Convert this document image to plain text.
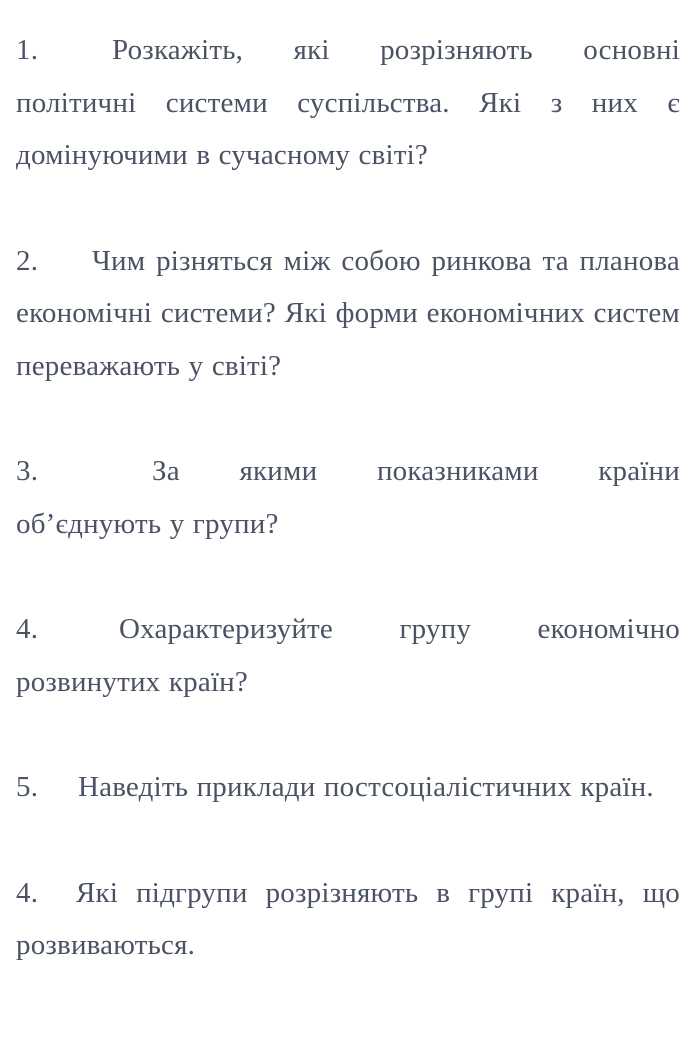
1.	Розкажіть, які розрізняють основні політичні системи суспільства. Які з них є домінуючими в сучасному світі?

2. Чим різняться між собою ринкова та планова економічні системи? Які форми економічних систем переважають у світі?

3.	За якими показниками країни об’єднують у групи?

4.	Охарактеризуйте групу економічно розвинутих країн?

5. Наведіть приклади постсоціалістичних країн.

4. Які підгрупи розрізняють в групі країн, що розвиваються.
